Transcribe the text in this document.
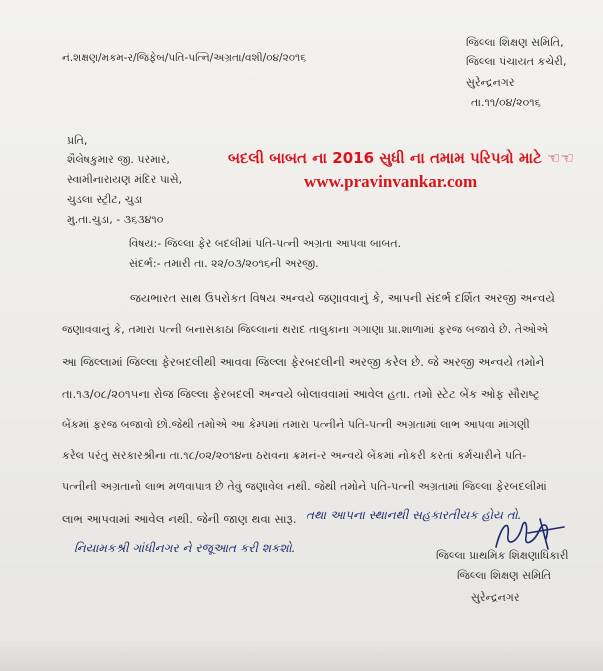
નં.શક્ષણ/મકમ-ર/જિફેબ/પતિ-પત્નિ/અગ્રતા/વશી/૦૪/૨૦૧૬
જિલ્લા શિક્ષણ સમિતિ,
જિલ્લા પંચાયત કચેરી,
સુરેન્દ્રનગર
તા.૧૧/૦૪/૨૦૧૬
પ્રતિ,
શૈલેષકુમાર જી. પરમાર,
સ્વામીનારાયણ મંદિર પાસે,
ચુડલા સ્ટ્રીટ, ચુડા
મુ.તા.ચુડા, - ૩૬૩૪૧૦
બદલી બાબત ના 2016 સુધી ના તમામ પરિપત્રો માટે ☜☜
www.pravinvankar.com
વિષય:- જિલ્લા ફેર બદલીમાં પતિ-પત્ની અગ્રતા આપવા બાબત.
સંદર્ભ:- તમારી તા. ૨૨/૦૩/૨૦૧૬ની અરજી.
જયભારત સાથ ઉપરોકત વિષય અન્વયે જણાવવાનું કે, આપની સંદર્ભ દર્શિત અરજી અન્વયે
જણાવવાનું કે, તમારા પત્ની બનાસકાઠા જિલ્લાનાં થરાદ તાલુકાના ગગાણા પ્રા.શાળામાં ફરજ બજાવે છે. તેઓએ
આ જિલ્લામાં જિલ્લા ફેરબદલીથી આવવા જિલ્લા ફેરબદલીની અરજી કરેલ છે. જે અરજી અન્વયે તમોને
તા.૧૩/૦૮/૨૦૧૫ના રોજ જિલ્લા ફેરબદલી અન્વયે બોલાવવામાં આવેલ હતા. તમો સ્ટેટ બેંક ઓફ સૌરાષ્ટ્ર
બેંકમાં ફરજ બજાવો છો.જેથી તમોએ આ કેમ્પમાં તમારા પત્નીને પતિ-પત્ની અગ્રતામાં લાભ આપવા માંગણી
કરેલ પરંતુ સરકારશ્રીના તા.૧૮/૦૨/૨૦૧૪ના ઠરાવના ક્રમનં-ર અન્વયે બેંકમાં નોકરી કરતાં કર્મચારીને પતિ-
પત્નીની અગ્રતાનો લાભ મળવાપાત્ર છે તેવું જણાવેલ નથી. જેથી તમોને પતિ-પત્ની અગ્રતામાં જિલ્લા ફેરબદલીમાં
લાભ આપવામાં આવેલ નથી. જેની જાણ થવા સારૂ. તથા આપના સ્થાનથી સહકારતીયક હોય તો.
નિયામકશ્રી ગાંધીનગર ને રજૂઆત કરી શકશો.
જિલ્લા પ્રાથમિક શિક્ષણાધિકારી
જિલ્લા શિક્ષણ સમિતિ
સુરેન્દ્રનગર
